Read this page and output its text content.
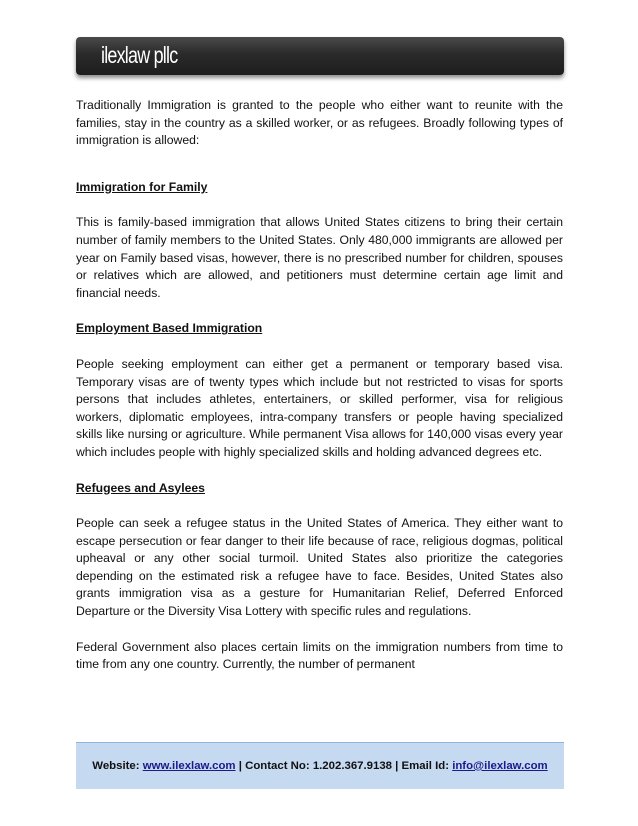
ilexlaw pllc

Traditionally Immigration is granted to the people who either want to reunite with the families, stay in the country as a skilled worker, or as refugees. Broadly following types of immigration is allowed:

Immigration for Family

This is family-based immigration that allows United States citizens to bring their certain number of family members to the United States. Only 480,000 immigrants are allowed per year on Family based visas, however, there is no prescribed number for children, spouses or relatives which are allowed, and petitioners must determine certain age limit and financial needs.

Employment Based Immigration

People seeking employment can either get a permanent or temporary based visa. Temporary visas are of twenty types which include but not restricted to visas for sports persons that includes athletes, entertainers, or skilled performer, visa for religious workers, diplomatic employees, intra-company transfers or people having specialized skills like nursing or agriculture. While permanent Visa allows for 140,000 visas every year which includes people with highly specialized skills and holding advanced degrees etc.

Refugees and Asylees

People can seek a refugee status in the United States of America. They either want to escape persecution or fear danger to their life because of race, religious dogmas, political upheaval or any other social turmoil. United States also prioritize the categories depending on the estimated risk a refugee have to face. Besides, United States also grants immigration visa as a gesture for Humanitarian Relief, Deferred Enforced Departure or the Diversity Visa Lottery with specific rules and regulations.

Federal Government also places certain limits on the immigration numbers from time to time from any one country. Currently, the number of permanent

Website:
www.ilexlaw.com
|
Contact No:
1.202.367.9138
|
Email Id:
info@ilexlaw.com
